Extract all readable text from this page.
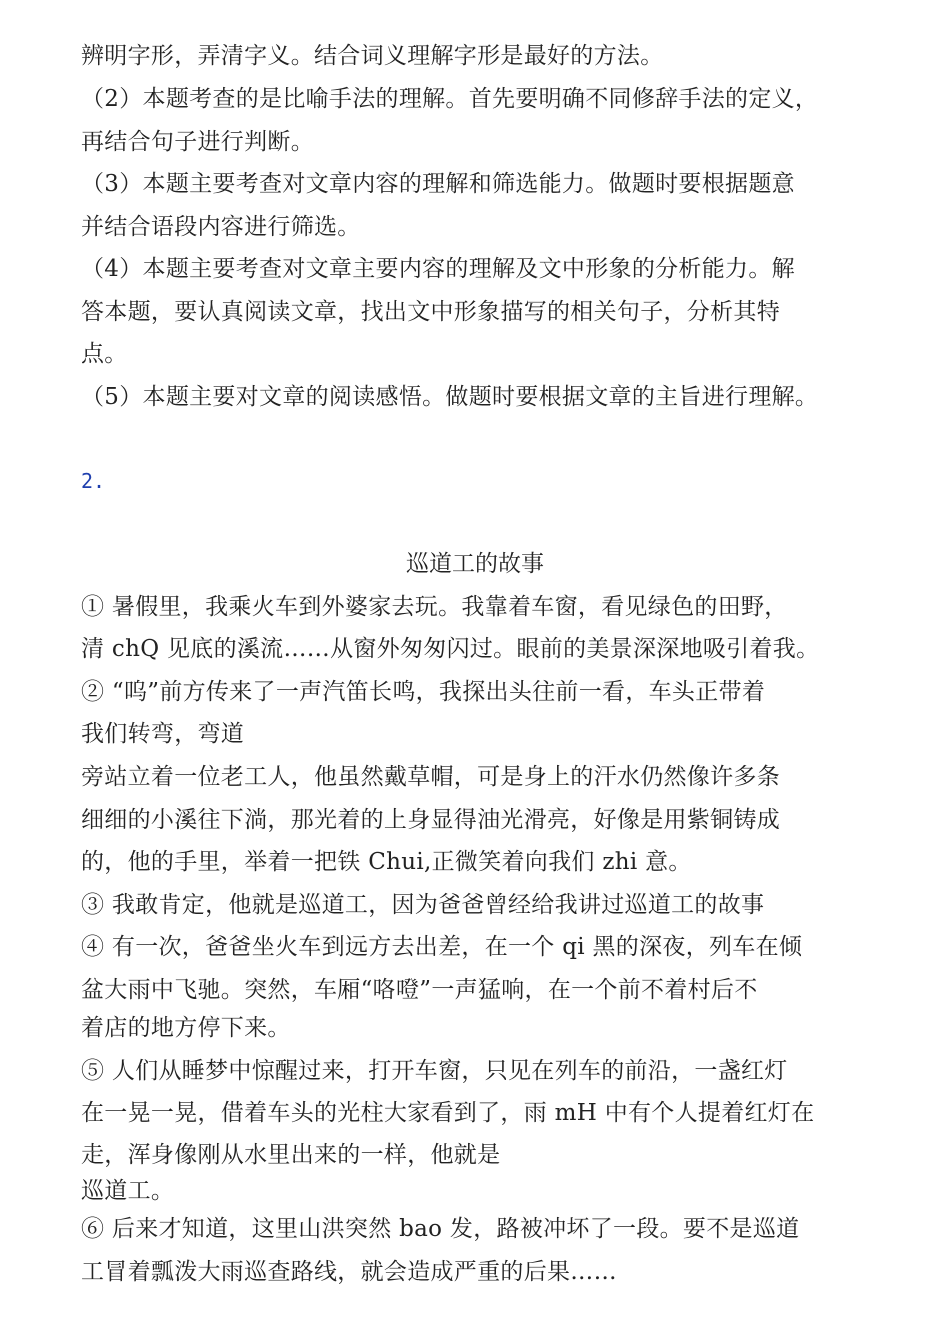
辨明字形，弄清字义。结合词义理解字形是最好的方法。
（2）本题考查的是比喻手法的理解。首先要明确不同修辞手法的定义，
再结合句子进行判断。
（3）本题主要考查对文章内容的理解和筛选能力。做题时要根据题意
并结合语段内容进行筛选。
（4）本题主要考查对文章主要内容的理解及文中形象的分析能力。解
答本题，要认真阅读文章，找出文中形象描写的相关句子，分析其特
点。
（5）本题主要对文章的阅读感悟。做题时要根据文章的主旨进行理解。
2.
巡道工的故事
① 暑假里，我乘火车到外婆家去玩。我靠着车窗，看见绿色的田野，
清 chQ 见底的溪流……从窗外匆匆闪过。眼前的美景深深地吸引着我。
② “呜”前方传来了一声汽笛长鸣，我探出头往前一看，车头正带着
我们转弯，弯道
旁站立着一位老工人，他虽然戴草帽，可是身上的汗水仍然像许多条
细细的小溪往下淌，那光着的上身显得油光滑亮，好像是用紫铜铸成
的，他的手里，举着一把铁 Chui,正微笑着向我们 zhi 意。
③ 我敢肯定，他就是巡道工，因为爸爸曾经给我讲过巡道工的故事
④ 有一次，爸爸坐火车到远方去出差，在一个 qi 黑的深夜，列车在倾
盆大雨中飞驰。突然，车厢“咯噔”一声猛响，在一个前不着村后不
着店的地方停下来。
⑤ 人们从睡梦中惊醒过来，打开车窗，只见在列车的前沿，一盏红灯
在一晃一晃，借着车头的光柱大家看到了，雨 mH 中有个人提着红灯在
走，浑身像刚从水里出来的一样，他就是
巡道工。
⑥ 后来才知道，这里山洪突然 bao 发，路被冲坏了一段。要不是巡道
工冒着瓢泼大雨巡查路线，就会造成严重的后果……
